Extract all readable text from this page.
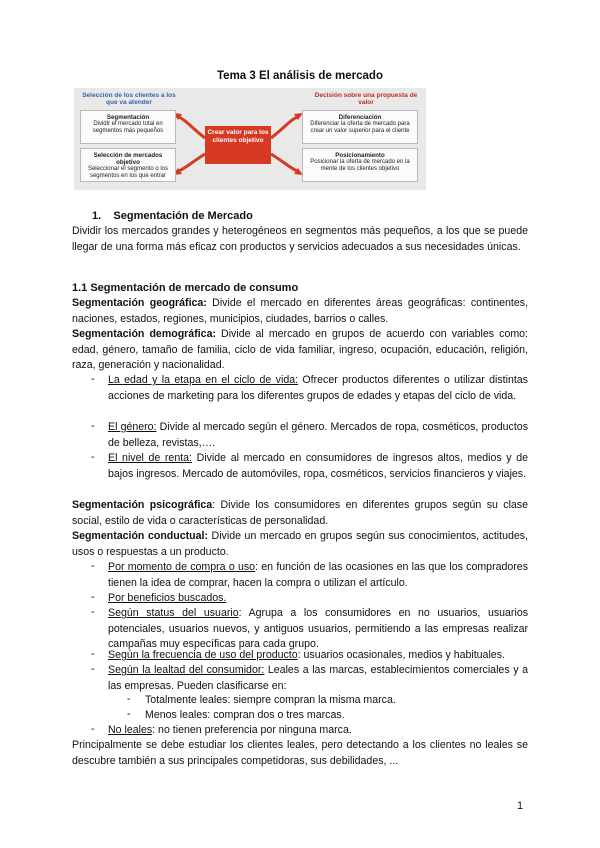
Tema 3 El análisis de mercado
Selección de los clientes a los que va atender
Decisión sobre una propuesta de valor
Segmentación
Dividir el mercado total en segmentos más pequeños
Selección de mercados objetivo
Seleccionar el segmento o los segmentos en los que entrar
Crear valor para los clientes objetivo
Diferenciación
Diferenciar la oferta de mercado para crear un valor superior para el cliente
Posicionamiento
Posicionar la oferta de mercado en la mente de los clientes objetivo
1. Segmentación de Mercado
Dividir los mercados grandes y heterogéneos en segmentos más pequeños, a los que se puede llegar de una forma más eficaz con productos y servicios adecuados a sus necesidades únicas.
1.1 Segmentación de mercado de consumo
Segmentación geográfica: Divide el mercado en diferentes áreas geográficas: continentes, naciones, estados, regiones, municipios, ciudades, barrios o calles.
Segmentación demográfica: Divide al mercado en grupos de acuerdo con variables como: edad, género, tamaño de familia, ciclo de vida familiar, ingreso, ocupación, educación, religión, raza, generación y nacionalidad.
- La edad y la etapa en el ciclo de vida: Ofrecer productos diferentes o utilizar distintas acciones de marketing para los diferentes grupos de edades y etapas del ciclo de vida.
- El género: Divide al mercado según el género. Mercados de ropa, cosméticos, productos de belleza, revistas,….
- El nivel de renta: Divide al mercado en consumidores de ingresos altos, medios y de bajos ingresos. Mercado de automóviles, ropa, cosméticos, servicios financieros y viajes.
Segmentación psicográfica: Divide los consumidores en diferentes grupos según su clase social, estilo de vida o características de personalidad.
Segmentación conductual: Divide un mercado en grupos según sus conocimientos, actitudes, usos o respuestas a un producto.
- Por momento de compra o uso: en función de las ocasiones en las que los compradores tienen la idea de comprar, hacen la compra o utilizan el artículo.
- Por beneficios buscados.
- Según status del usuario: Agrupa a los consumidores en no usuarios, usuarios potenciales, usuarios nuevos, y antiguos usuarios, permitiendo a las empresas realizar campañas muy específicas para cada grupo.
- Según la frecuencia de uso del producto: usuarios ocasionales, medios y habituales.
- Según la lealtad del consumidor: Leales a las marcas, establecimientos comerciales y a las empresas. Pueden clasificarse en:
- Totalmente leales: siempre compran la misma marca.
- Menos leales: compran dos o tres marcas.
- No leales: no tienen preferencia por ninguna marca.
Principalmente se debe estudiar los clientes leales, pero detectando a los clientes no leales se descubre también a sus principales competidoras, sus debilidades, ...
1
